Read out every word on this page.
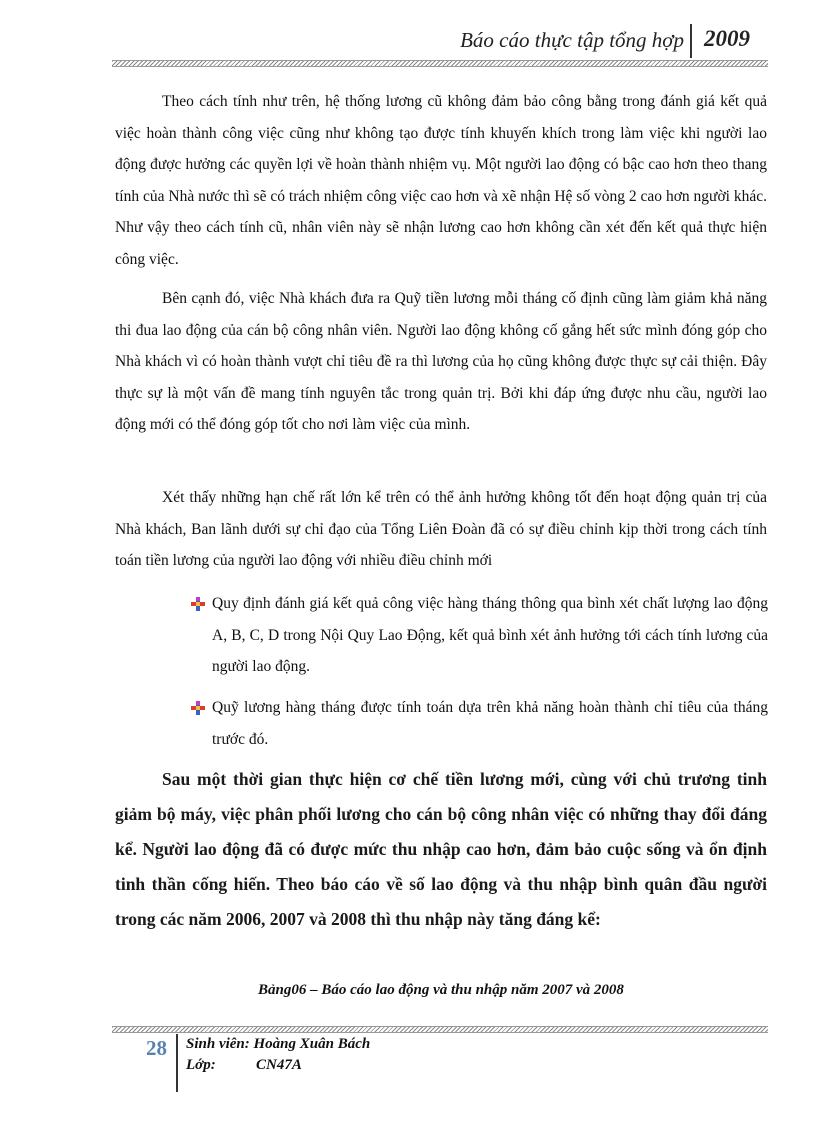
Báo cáo thực tập tổng hợp 2009

Theo cách tính như trên, hệ thống lương cũ không đảm bảo công bằng trong đánh giá kết quả việc hoàn thành công việc cũng như không tạo được tính khuyến khích trong làm việc khi người lao động được hưởng các quyền lợi về hoàn thành nhiệm vụ. Một người lao động có bậc cao hơn theo thang tính của Nhà nước thì sẽ có trách nhiệm công việc cao hơn và xẽ nhận Hệ số vòng 2 cao hơn người khác. Như vậy theo cách tính cũ, nhân viên này sẽ nhận lương cao hơn không cần xét đến kết quả thực hiện công việc.

Bên cạnh đó, việc Nhà khách đưa ra Quỹ tiền lương mỗi tháng cố định cũng làm giảm khả năng thi đua lao động của cán bộ công nhân viên. Người lao động không cố gắng hết sức mình đóng góp cho Nhà khách vì có hoàn thành vượt chỉ tiêu đề ra thì lương của họ cũng không được thực sự cải thiện. Đây thực sự là một vấn đề mang tính nguyên tắc trong quản trị. Bởi khi đáp ứng được nhu cầu, người lao động mới có thể đóng góp tốt cho nơi làm việc của mình.

Xét thấy những hạn chế rất lớn kể trên có thể ảnh hưởng không tốt đến hoạt động quản trị của Nhà khách, Ban lãnh dưới sự chỉ đạo của Tổng Liên Đoàn đã có sự điều chỉnh kịp thời trong cách tính toán tiền lương của người lao động với nhiều điều chỉnh mới

Quy định đánh giá kết quả công việc hàng tháng thông qua bình xét chất lượng lao động A, B, C, D trong Nội Quy Lao Động, kết quả bình xét ảnh hưởng tới cách tính lương của người lao động.
Quỹ lương hàng tháng được tính toán dựa trên khả năng hoàn thành chỉ tiêu của tháng trước đó.

Sau một thời gian thực hiện cơ chế tiền lương mới, cùng với chủ trương tinh giảm bộ máy, việc phân phối lương cho cán bộ công nhân việc có những thay đổi đáng kể. Người lao động đã có được mức thu nhập cao hơn, đảm bảo cuộc sống và ổn định tinh thần cống hiến. Theo báo cáo về số lao động và thu nhập bình quân đầu người trong các năm 2006, 2007 và 2008 thì thu nhập này tăng đáng kể:

Bảng06 – Báo cáo lao động và thu nhập năm 2007 và 2008
28 Sinh viên: Hoàng Xuân Bách
Lớp:	CN47A
